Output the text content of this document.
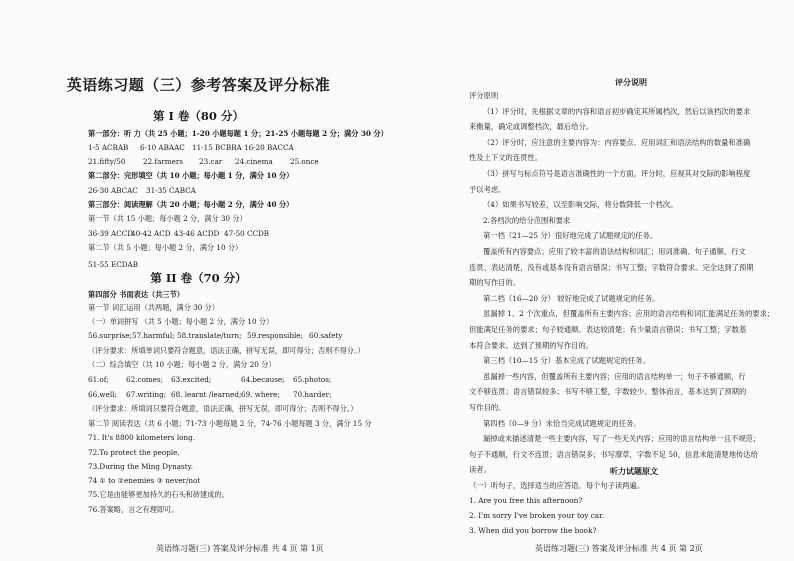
英语练习题（三）参考答案及评分标准
第 I 卷（80 分）
第一部分：听 力（共 25 小题；1-20 小题每题 1 分；21-25 小题每题 2 分；满分 30 分）
1-5 ACBAB 6-10 ABAAC 11-15 BCBBA 16-20 BACCA
21.fifty/50 22.farmers 23.car 24.cinema 25.once
第二部分：完形填空（共 10 小题；每小题 1 分，满分 10 分）
26-30 ABCAC 31-35 CABCA
第三部分：阅读理解（共 20 小题；每小题 2 分，满分 40 分）
第一节（共 15 小题；每小题 2 分，满分 30 分）
36-39 ACCD40-42 ACD 43-46 ACDD 47-50 CCDB
第二节（共 5 小题；每小题 2 分，满分 10 分）
51-55 ECDAB
第 II 卷（70 分）
第四部分 书面表达（共三节）
第一节 词汇运用（共两题，满分 30 分）
（一）单词拼写 （共 5 小题；每小题 2 分，满分 10 分）
56.surprise;57.harmful; 58.translate/turn; 59.responsible; 60.safety
（评分要求：所填单词只要符合题意，语法正确，拼写无误，即可得分；否则不得分。）
（二）综合填空（共 10 小题；每小题 2 分，满分 20 分）
61.of; 62.comes; 63.excited;	64.because; 65.photos;
66.well; 67.writing; 68. learnt /learned;69. where; 70.harder;
（评分要求：所填词只要符合题意，语法正确，拼写无误，即可得分；否则不得分。）
第二节 阅读表达（共 6 小题；71-73 小题每题 2 分，74-76 小题每题 3 分，满分 15 分
71. It's 8800 kilometers long.
72.To protect the people.
73.During the Ming Dynasty.
74 ① to ②enemies ③ never/not
75.它是由能够更加持久的石头和砖建成的。
76.答案略，言之有理即可。
英语练习题(三) 答案及评分标准 共 4 页 第 1页
评分说明
评分原则
（1）评分时，先根据文章的内容和语言初步确定其所属档次，然后以该档次的要求
来衡量，确定或调整档次，最后给分。
（2）评分时，应注意的主要内容为：内容要点、应用词汇和语法结构的数量和准确
性及上下文的连贯性。
（3）拼写与标点符号是语言准确性的一个方面，评分时，应视其对交际的影响程度
予以考虑。
（4）如果书写较差，以至影响交际，将分数降低一个档次。
2.各档次的给分范围和要求
第一档（21—25 分）很好地完成了试题规定的任务。
覆盖所有内容要点；应用了较丰富的语法结构和词汇；用词准确、句子通顺、行文
连贯、表达清楚，没有或基本没有语言错误；书写工整；字数符合要求。完全达到了预期
期的写作目的。
第二档（16—20 分） 较好地完成了试题规定的任务。
虽漏掉 1、2 个次重点，但覆盖所有主要内容；应用的语言结构和词汇能满足任务的要求；
但能满足任务的要求；句子较通顺、表达较清楚；有少量语言错误；书写工整；字数基
本符合要求。达到了预期的写作目的。
第三档（10—15 分）基本完成了试题规定的任务。
虽漏掉一些内容，但覆盖所有主要内容；应用的语言结构单一；句子不够通顺，行
文不够连贯；语言错误较多；书写不够工整，字数较少。整体而言，基本达到了预期的
写作目的。
第四档（0—9 分）未恰当完成试题规定的任务。
漏掉或未描述清楚一些主要内容，写了一些无关内容；应用的语言结构单一且不规范；
句子不通顺，行文不连贯；语言错误多；书写潦草，字数不足 50，信息未能清楚地传达给
读者。	听力试题原文
（一）听句子，选择适当的应答语。每个句子读两遍。
1. Are you free this afternoon?
2. I'm sorry I've broken your toy car.
3. When did you borrow the book?
英语练习题(三) 答案及评分标准 共 4 页 第 2页
